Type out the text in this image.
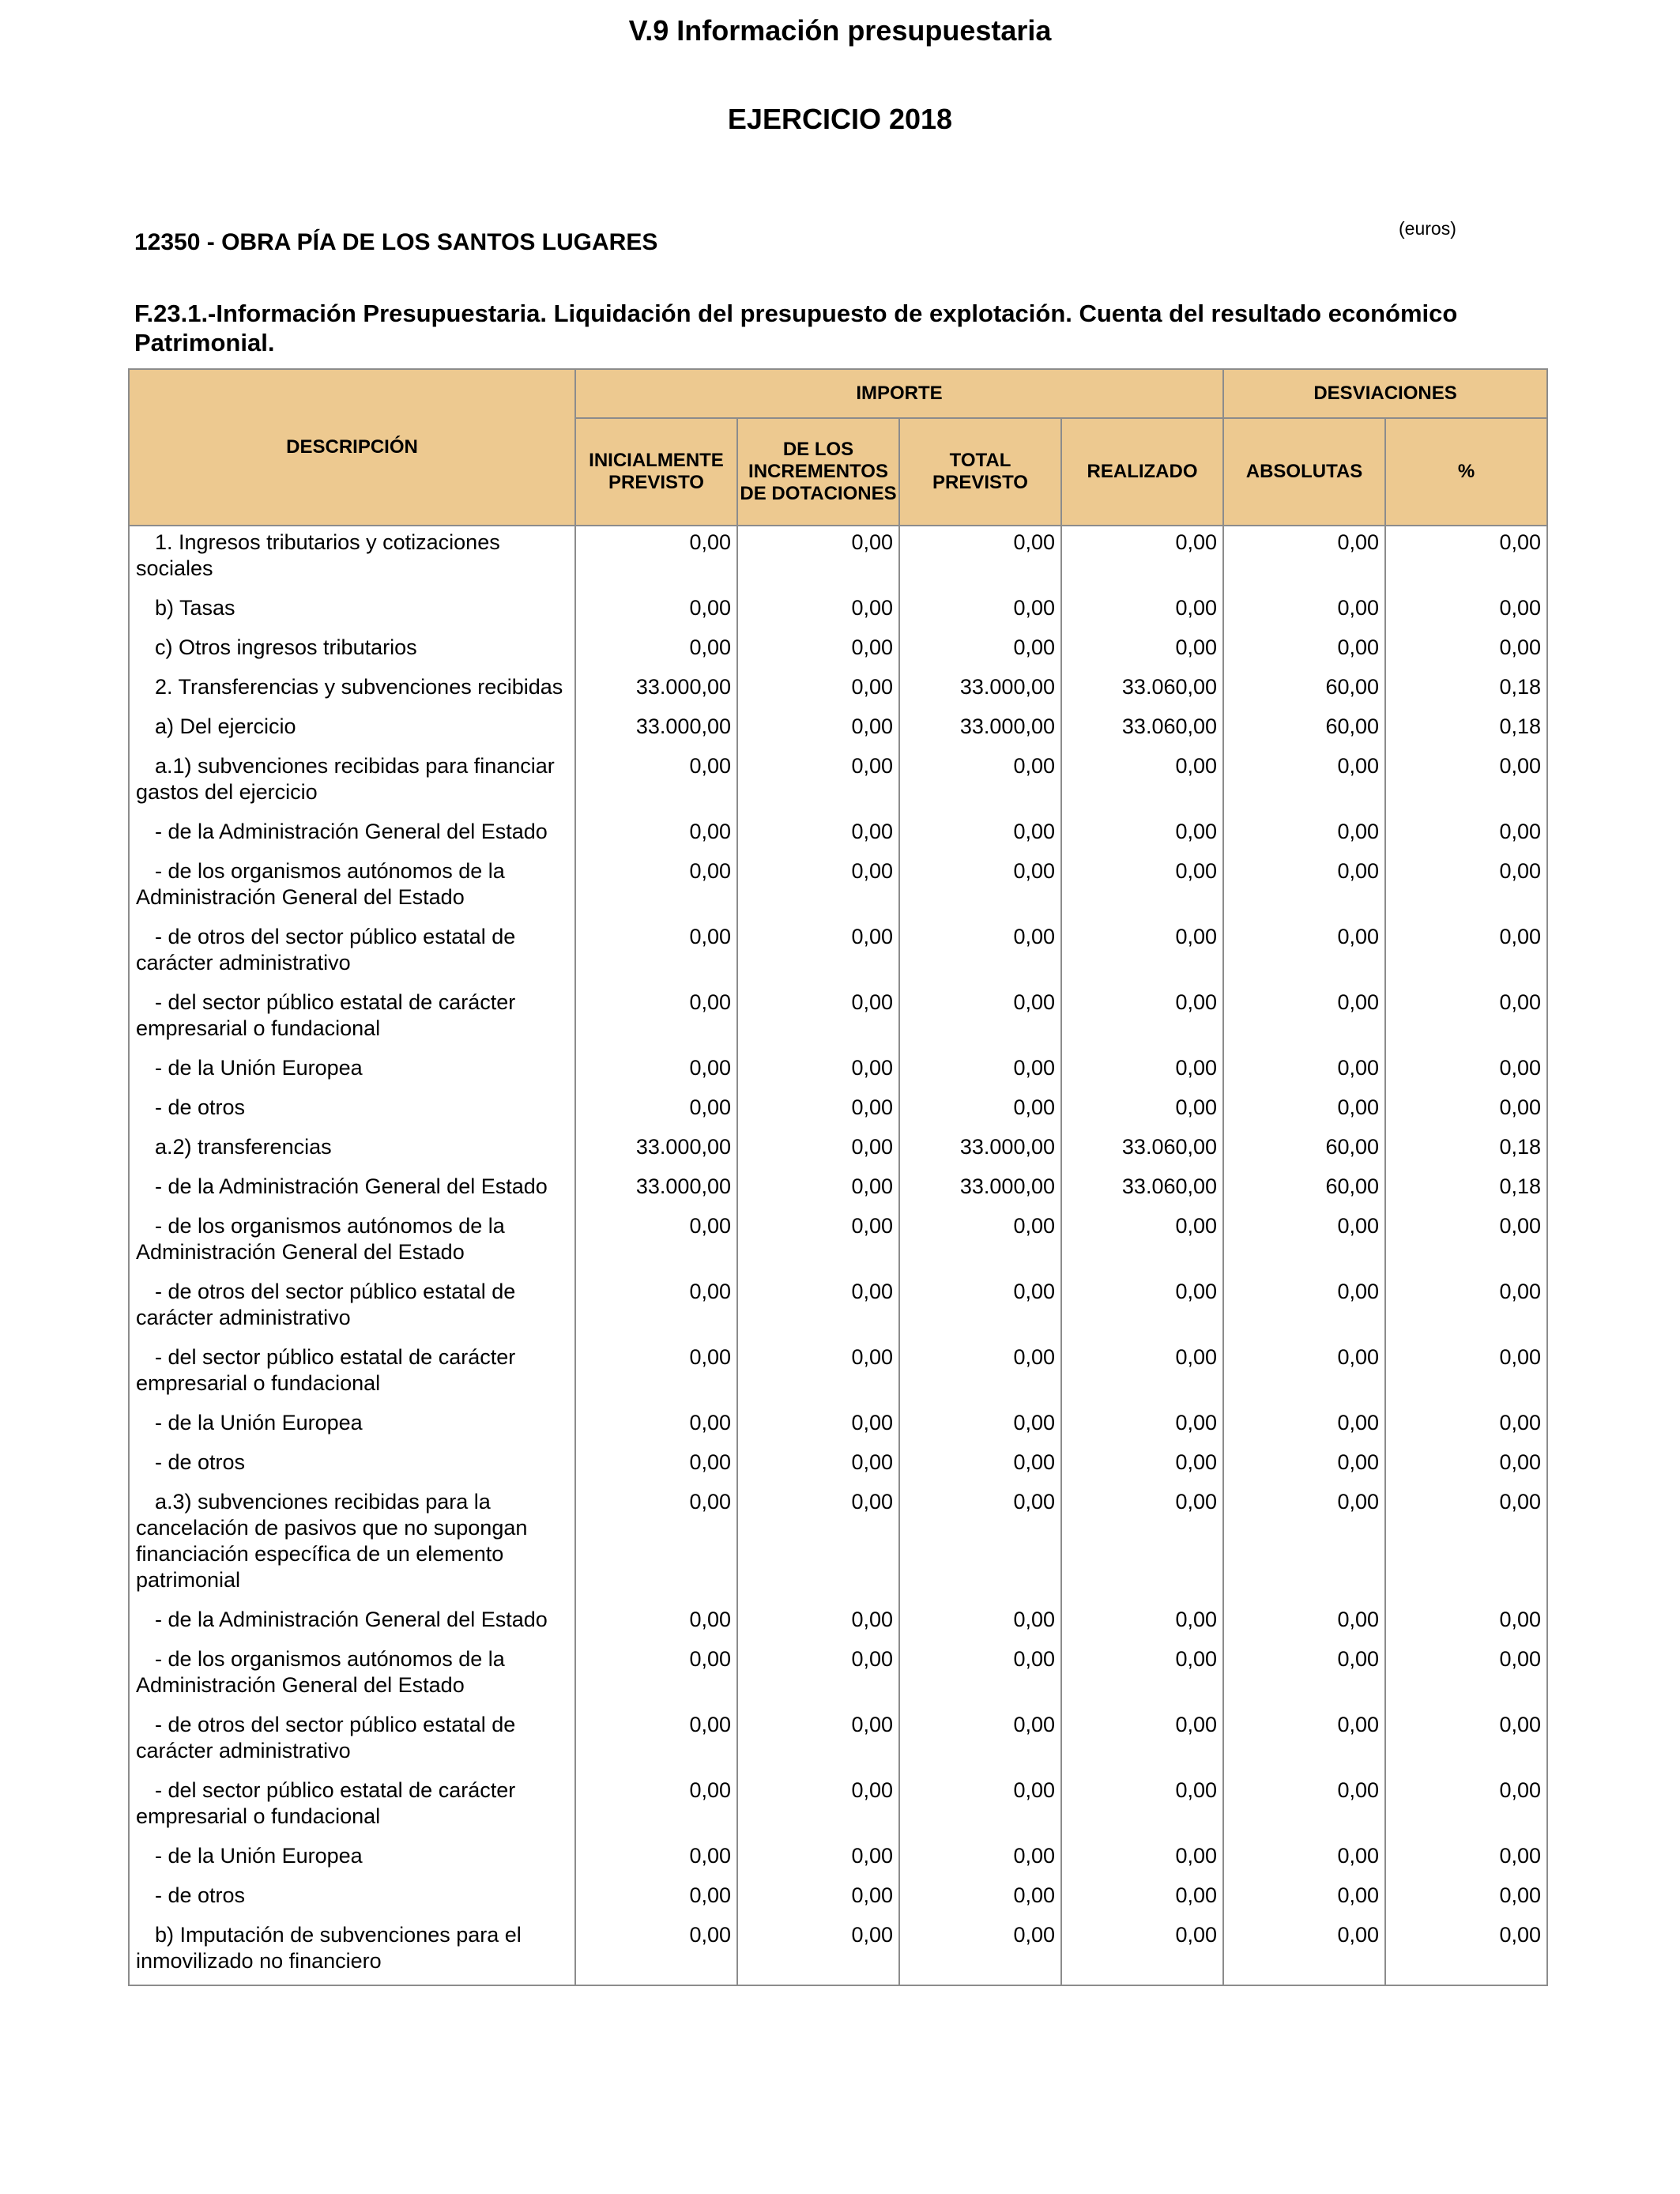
V.9 Información presupuestaria
EJERCICIO 2018
12350 - OBRA PÍA DE LOS SANTOS LUGARES
(euros)
F.23.1.-Información Presupuestaria. Liquidación del presupuesto de explotación. Cuenta del resultado económico Patrimonial.
DESCRIPCIÓN	IMPORTE				DESVIACIONES	
	INICIALMENTE PREVISTO	DE LOS INCREMENTOS DE DOTACIONES	TOTAL PREVISTO	REALIZADO	ABSOLUTAS	%
1. Ingresos tributarios y cotizaciones sociales	0,00	0,00	0,00	0,00	0,00	0,00
b) Tasas	0,00	0,00	0,00	0,00	0,00	0,00
c) Otros ingresos tributarios	0,00	0,00	0,00	0,00	0,00	0,00
2. Transferencias y subvenciones recibidas	33.000,00	0,00	33.000,00	33.060,00	60,00	0,18
a) Del ejercicio	33.000,00	0,00	33.000,00	33.060,00	60,00	0,18
a.1) subvenciones recibidas para financiar gastos del ejercicio	0,00	0,00	0,00	0,00	0,00	0,00
- de la Administración General del Estado	0,00	0,00	0,00	0,00	0,00	0,00
- de los organismos autónomos de la Administración General del Estado	0,00	0,00	0,00	0,00	0,00	0,00
- de otros del sector público estatal de carácter administrativo	0,00	0,00	0,00	0,00	0,00	0,00
- del sector público estatal de carácter empresarial o fundacional	0,00	0,00	0,00	0,00	0,00	0,00
- de la Unión Europea	0,00	0,00	0,00	0,00	0,00	0,00
- de otros	0,00	0,00	0,00	0,00	0,00	0,00
a.2) transferencias	33.000,00	0,00	33.000,00	33.060,00	60,00	0,18
- de la Administración General del Estado	33.000,00	0,00	33.000,00	33.060,00	60,00	0,18
- de los organismos autónomos de la Administración General del Estado	0,00	0,00	0,00	0,00	0,00	0,00
- de otros del sector público estatal de carácter administrativo	0,00	0,00	0,00	0,00	0,00	0,00
- del sector público estatal de carácter empresarial o fundacional	0,00	0,00	0,00	0,00	0,00	0,00
- de la Unión Europea	0,00	0,00	0,00	0,00	0,00	0,00
- de otros	0,00	0,00	0,00	0,00	0,00	0,00
a.3) subvenciones recibidas para la cancelación de pasivos que no supongan financiación específica de un elemento patrimonial	0,00	0,00	0,00	0,00	0,00	0,00
- de la Administración General del Estado	0,00	0,00	0,00	0,00	0,00	0,00
- de los organismos autónomos de la Administración General del Estado	0,00	0,00	0,00	0,00	0,00	0,00
- de otros del sector público estatal de carácter administrativo	0,00	0,00	0,00	0,00	0,00	0,00
- del sector público estatal de carácter empresarial o fundacional	0,00	0,00	0,00	0,00	0,00	0,00
- de la Unión Europea	0,00	0,00	0,00	0,00	0,00	0,00
- de otros	0,00	0,00	0,00	0,00	0,00	0,00
b) Imputación de subvenciones para el inmovilizado no financiero	0,00	0,00	0,00	0,00	0,00	0,00
